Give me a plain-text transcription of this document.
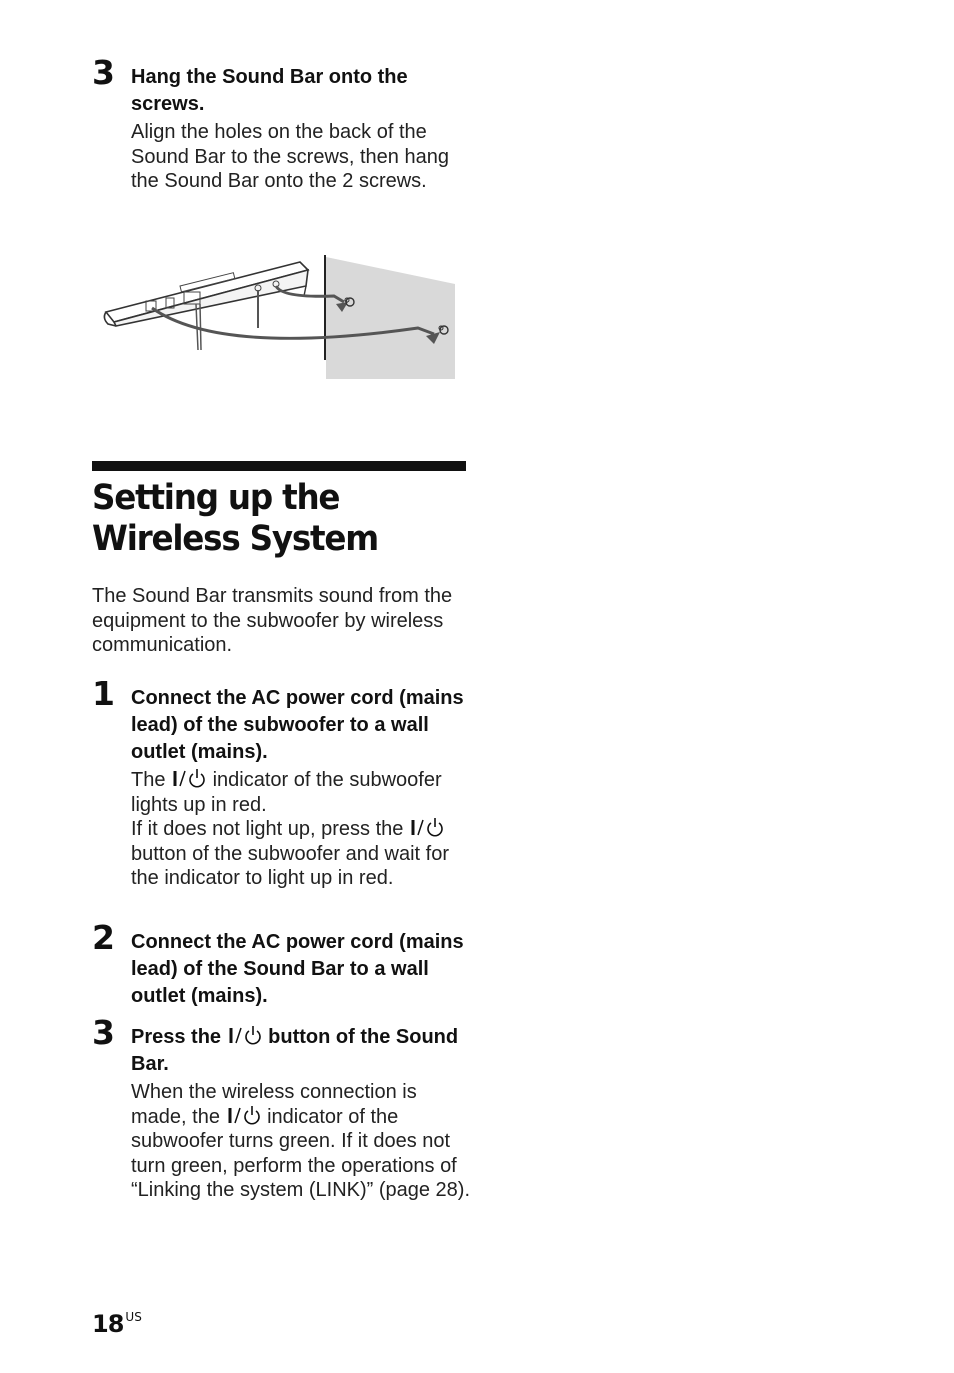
3 Hang the Sound Bar onto the screws.
Align the holes on the back of the Sound Bar to the screws, then hang the Sound Bar onto the 2 screws.
Setting up the Wireless System
The Sound Bar transmits sound from the equipment to the subwoofer by wireless communication.
1 Connect the AC power cord (mains lead) of the subwoofer to a wall outlet (mains).
The
indicator of the subwoofer lights up in red.
If it does not light up, press the
button of the subwoofer and wait for the indicator to light up in red.
2 Connect the AC power cord (mains lead) of the Sound Bar to a wall outlet (mains).
3 Press the
button of the Sound Bar.
When the wireless connection is made, the
indicator of the subwoofer turns green. If it does not turn green, perform the operations of “Linking the system (LINK)” (page 28).
18 $^{US}$
